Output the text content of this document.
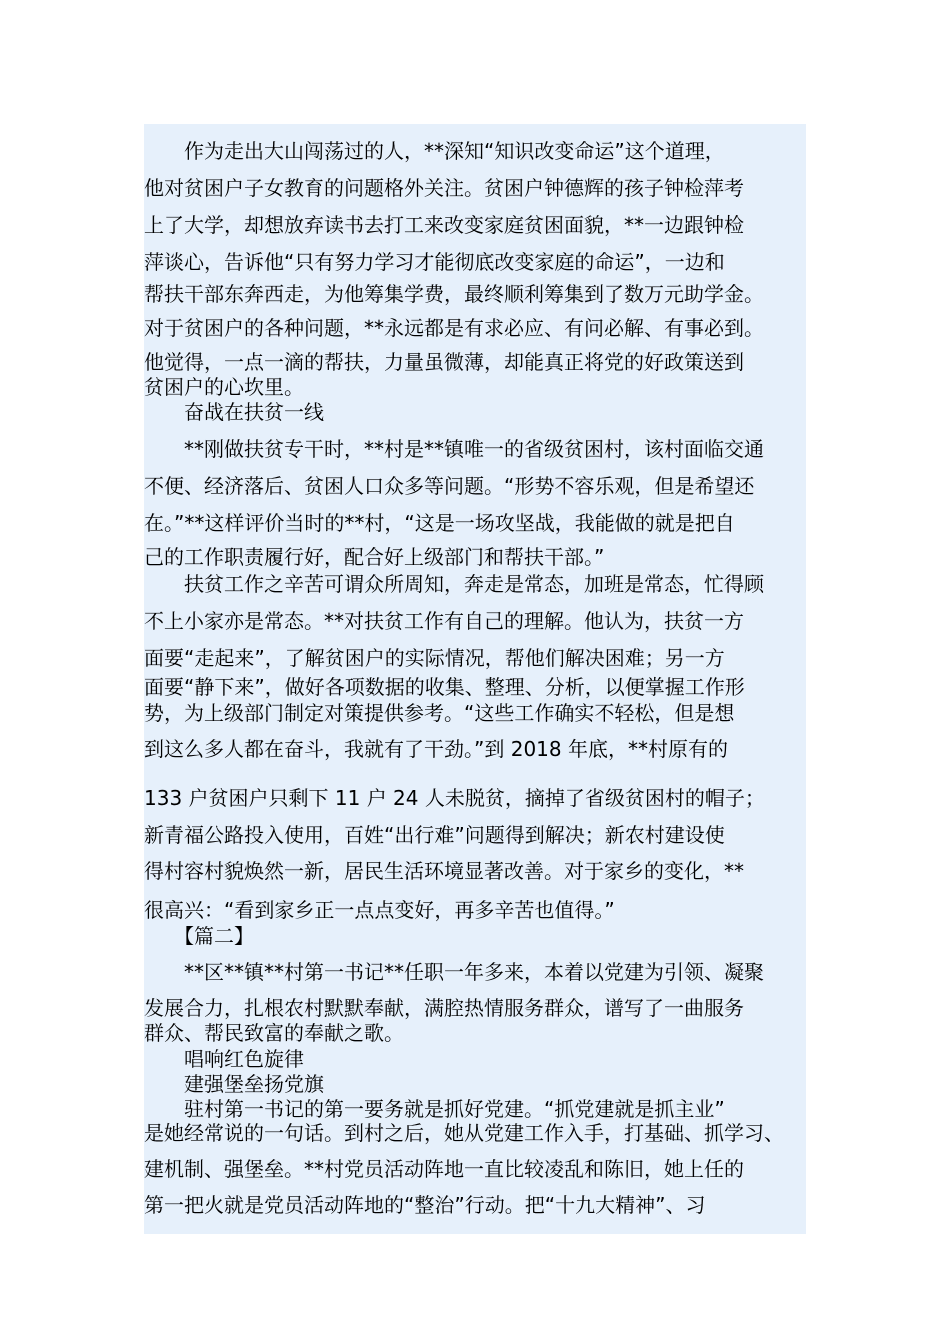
作为走出大山闯荡过的人，**深知“知识改变命运”这个道理，
他对贫困户子女教育的问题格外关注。贫困户钟德辉的孩子钟检萍考
上了大学，却想放弃读书去打工来改变家庭贫困面貌，**一边跟钟检
萍谈心，告诉他“只有努力学习才能彻底改变家庭的命运”，一边和
帮扶干部东奔西走，为他筹集学费，最终顺利筹集到了数万元助学金。
对于贫困户的各种问题，**永远都是有求必应、有问必解、有事必到。
他觉得，一点一滴的帮扶，力量虽微薄，却能真正将党的好政策送到
贫困户的心坎里。
奋战在扶贫一线
**刚做扶贫专干时，**村是**镇唯一的省级贫困村，该村面临交通
不便、经济落后、贫困人口众多等问题。“形势不容乐观，但是希望还
在。”**这样评价当时的**村，“这是一场攻坚战，我能做的就是把自
己的工作职责履行好，配合好上级部门和帮扶干部。”
扶贫工作之辛苦可谓众所周知，奔走是常态，加班是常态，忙得顾
不上小家亦是常态。**对扶贫工作有自己的理解。他认为，扶贫一方
面要“走起来”，了解贫困户的实际情况，帮他们解决困难；另一方
面要“静下来”，做好各项数据的收集、整理、分析，以便掌握工作形
势，为上级部门制定对策提供参考。“这些工作确实不轻松，但是想
到这么多人都在奋斗，我就有了干劲。”到 2018 年底，**村原有的
133 户贫困户只剩下 11 户 24 人未脱贫，摘掉了省级贫困村的帽子；
新青福公路投入使用，百姓“出行难”问题得到解决；新农村建设使
得村容村貌焕然一新，居民生活环境显著改善。对于家乡的变化，**
很高兴：“看到家乡正一点点变好，再多辛苦也值得。”
【篇二】
**区**镇**村第一书记**任职一年多来，本着以党建为引领、凝聚
发展合力，扎根农村默默奉献，满腔热情服务群众，谱写了一曲服务
群众、帮民致富的奉献之歌。
唱响红色旋律
建强堡垒扬党旗
驻村第一书记的第一要务就是抓好党建。“抓党建就是抓主业”
是她经常说的一句话。到村之后，她从党建工作入手，打基础、抓学习、
建机制、强堡垒。**村党员活动阵地一直比较凌乱和陈旧，她上任的
第一把火就是党员活动阵地的“整治”行动。把“十九大精神”、习
